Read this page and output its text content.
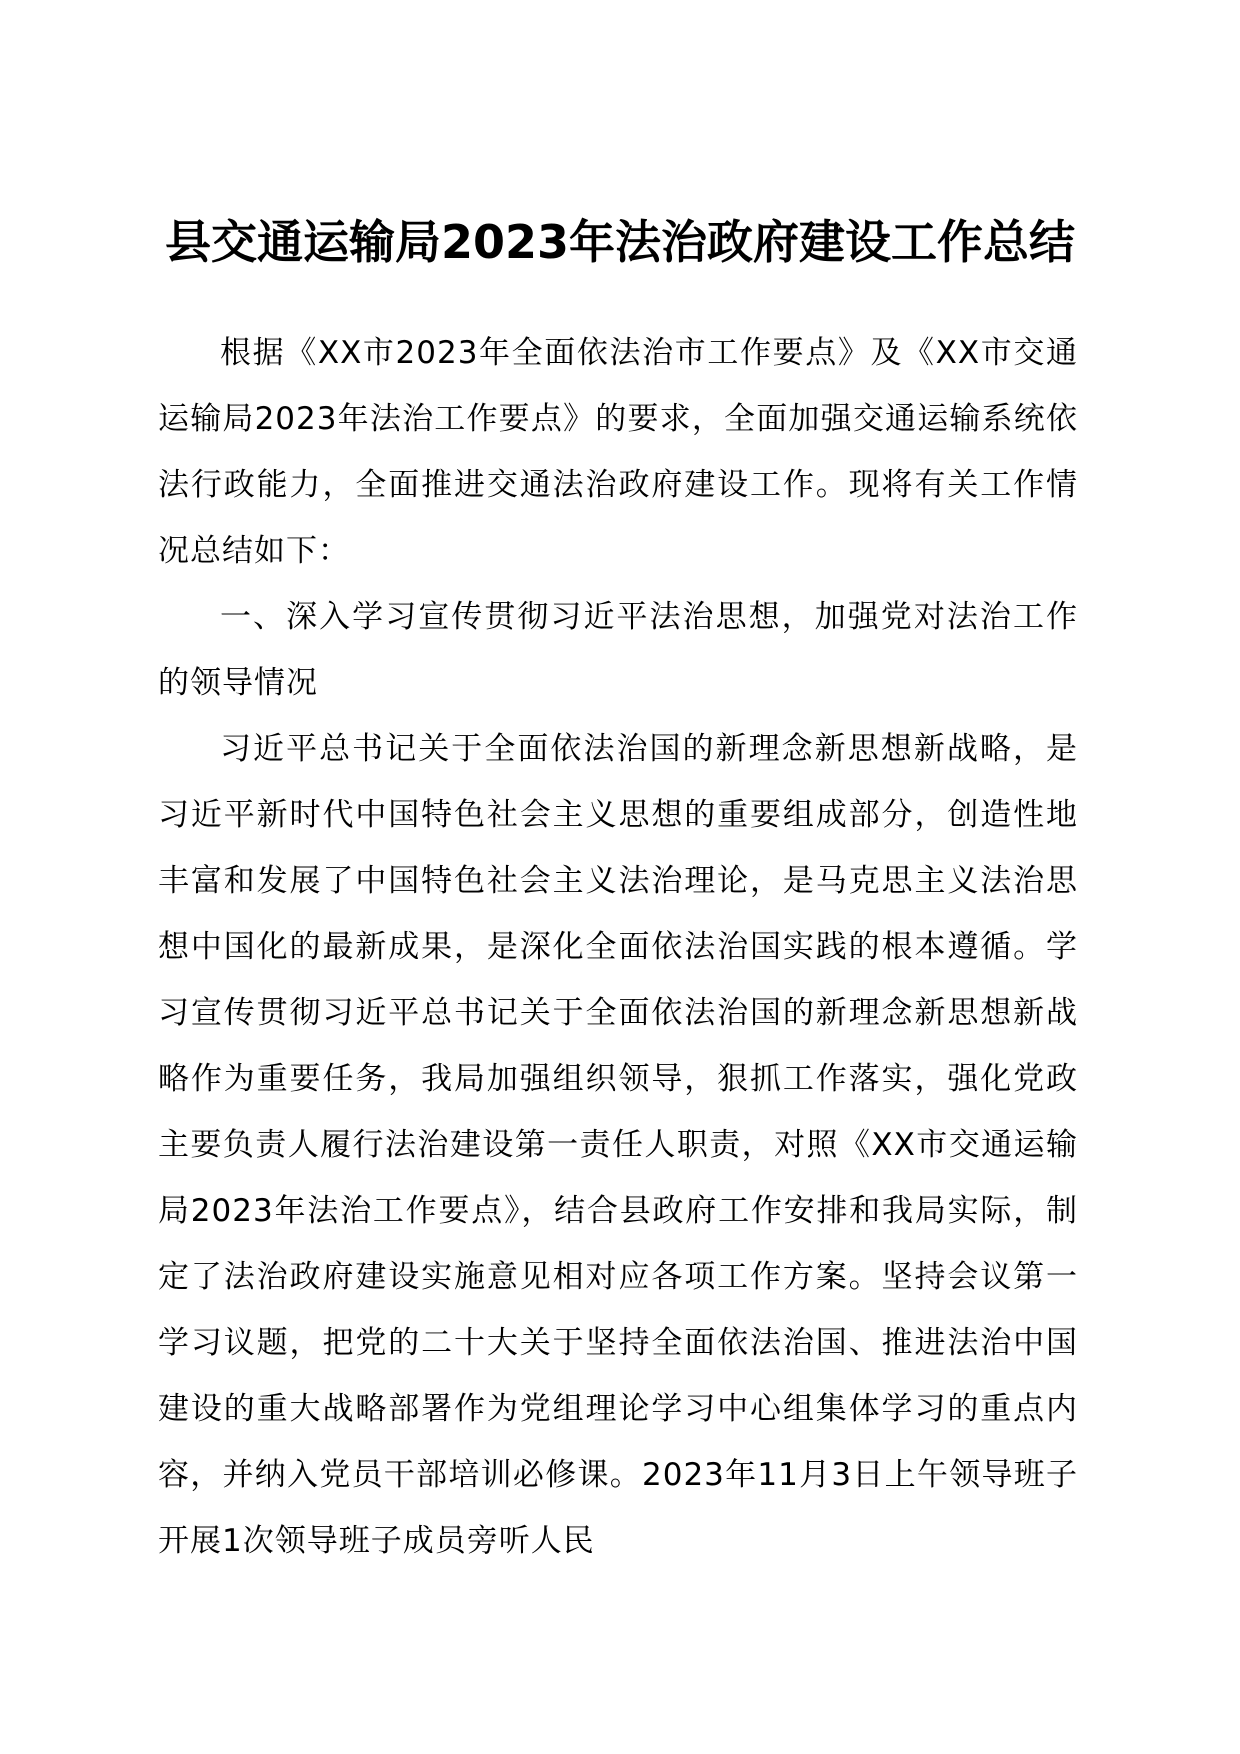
县交通运输局2023年法治政府建设工作总结

根据《XX市2023年全面依法治市工作要点》及《XX市交通运输局2023年法治工作要点》的要求，全面加强交通运输系统依法行政能力，全面推进交通法治政府建设工作。现将有关工作情况总结如下：

一、深入学习宣传贯彻习近平法治思想，加强党对法治工作的领导情况

习近平总书记关于全面依法治国的新理念新思想新战略，是习近平新时代中国特色社会主义思想的重要组成部分，创造性地丰富和发展了中国特色社会主义法治理论，是马克思主义法治思想中国化的最新成果，是深化全面依法治国实践的根本遵循。学习宣传贯彻习近平总书记关于全面依法治国的新理念新思想新战略作为重要任务，我局加强组织领导，狠抓工作落实，强化党政主要负责人履行法治建设第一责任人职责，对照《XX市交通运输局2023年法治工作要点》，结合县政府工作安排和我局实际，制定了法治政府建设实施意见相对应各项工作方案。坚持会议第一学习议题，把党的二十大关于坚持全面依法治国、推进法治中国建设的重大战略部署作为党组理论学习中心组集体学习的重点内容，并纳入党员干部培训必修课。2023年11月3日上午领导班子开展1次领导班子成员旁听人民
